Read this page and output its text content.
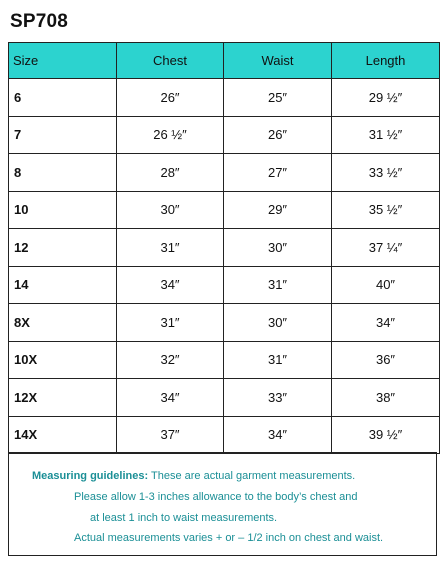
SP708
Size	Chest	Waist	Length
6	26″	25″	29 ½″
7	26 ½″	26″	31 ½″
8	28″	27″	33 ½″
10	30″	29″	35 ½″
12	31″	30″	37 ¼″
14	34″	31″	40″
8X	31″	30″	34″
10X	32″	31″	36″
12X	34″	33″	38″
14X	37″	34″	39 ½″
Measuring guidelines: These are actual garment measurements.
Please allow 1-3 inches allowance to the body’s chest and
at least 1 inch to waist measurements.
Actual measurements varies + or – 1/2 inch on chest and waist.
